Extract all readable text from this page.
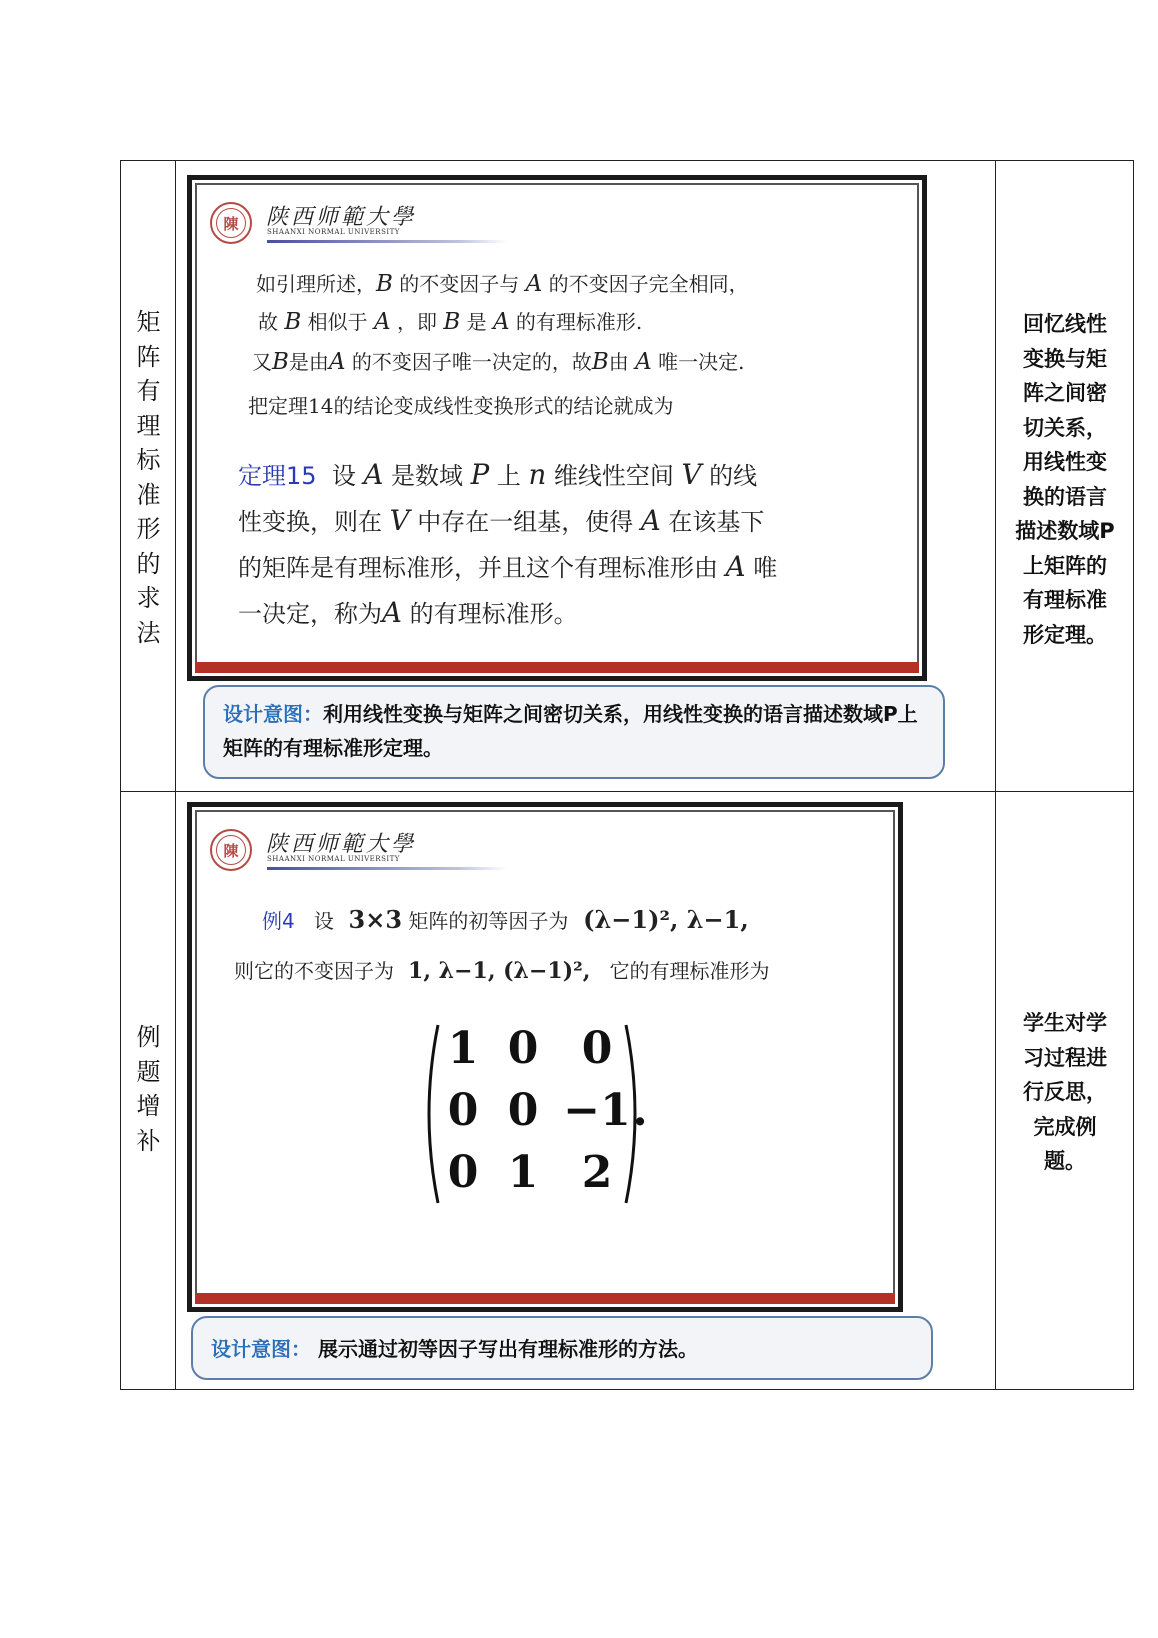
矩
阵
有
理
标
准
形
的
求
法
陳	陕西师範大學
SHAANXI NORMAL UNIVERSITY
如引理所述，B 的不变因子与 A 的不变因子完全相同，
故 B 相似于 A ，即 B 是 A 的有理标准形.
又B是由A 的不变因子唯一决定的，故B由 A 唯一决定.
把定理14的结论变成线性变换形式的结论就成为
定理15 设 A 是数域 P 上 n 维线性空间 V 的线
性变换，则在 V 中存在一组基，使得 A 在该基下
的矩阵是有理标准形，并且这个有理标准形由 A 唯
一决定，称为A 的有理标准形。
设计意图：利用线性变换与矩阵之间密切关系，用线性变换的语言描述数域P上矩阵的有理标准形定理。
回忆线性
变换与矩
阵之间密
切关系，
用线性变
换的语言
描述数域P
上矩阵的
有理标准
形定理。
例
题
增
补
陳	陕西师範大學
SHAANXI NORMAL UNIVERSITY
例4 设 3×3 矩阵的初等因子为 (λ−1)², λ−1,
则它的不变因子为 1, λ−1, (λ−1)², 它的有理标准形为
1 0 0
0 0 −1
0 1 2
.
设计意图： 展示通过初等因子写出有理标准形的方法。
学生对学
习过程进
行反思，
完成例
题。
